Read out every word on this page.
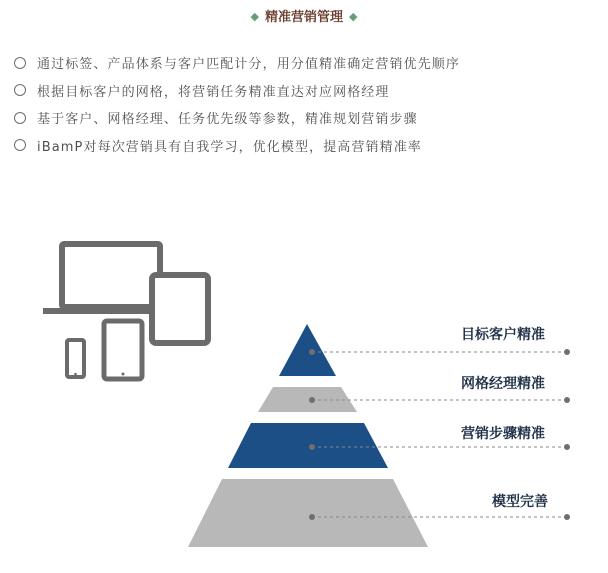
◆ 精准营销管理 ◆
通过标签、产品体系与客户匹配计分，用分值精准确定营销优先顺序
根据目标客户的网格，将营销任务精准直达对应网格经理
基于客户、网格经理、任务优先级等参数，精准规划营销步骤
iBamP对每次营销具有自我学习，优化模型，提高营销精准率
目标客户精准
网格经理精准
营销步骤精准
模型完善
